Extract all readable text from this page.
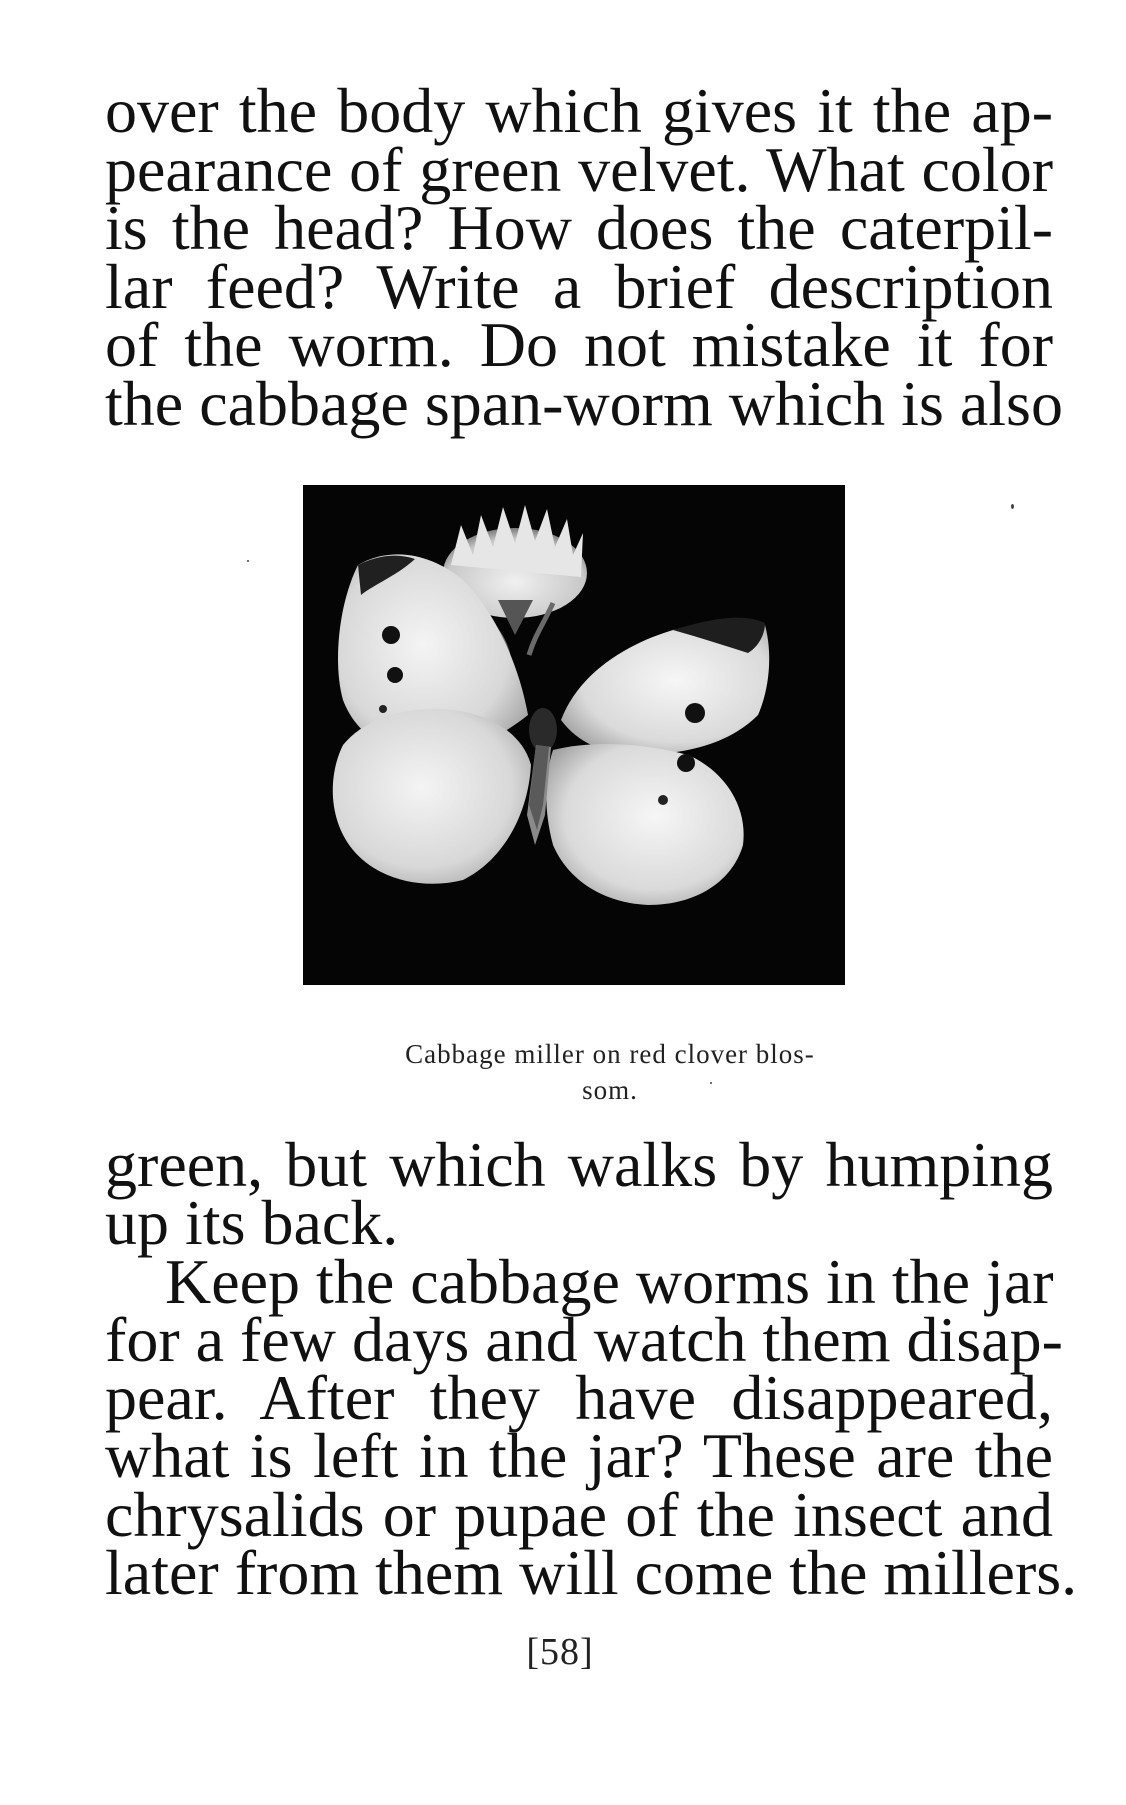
over the body which gives it the ap-
pearance of green velvet. What color
is the head? How does the caterpil-
lar feed? Write a brief description
of the worm. Do not mistake it for
the cabbage span-worm which is also
Cabbage miller on red clover blos-
som.
green, but which walks by humping
up its back.
Keep the cabbage worms in the jar
for a few days and watch them disap-
pear. After they have disappeared,
what is left in the jar? These are the
chrysalids or pupae of the insect and
later from them will come the millers.
[58]
